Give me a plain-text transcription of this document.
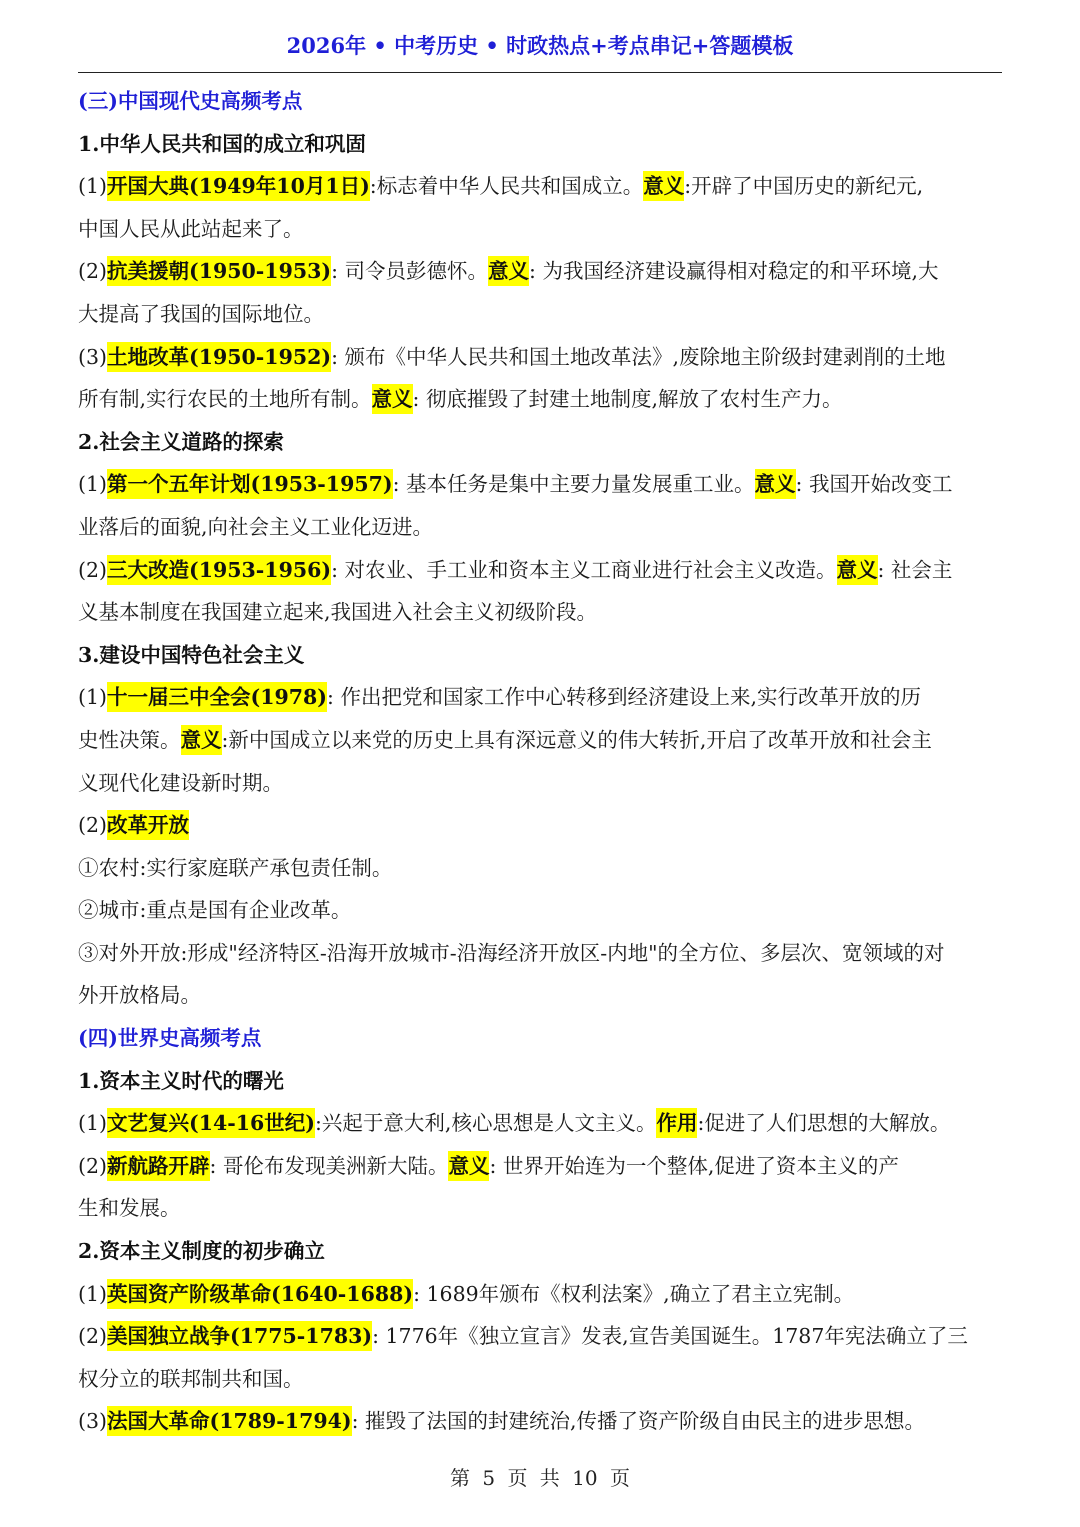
2026年 • 中考历史 • 时政热点+考点串记+答题模板
(三)中国现代史高频考点
1.中华人民共和国的成立和巩固
(1)开国大典(1949年10月1日):标志着中华人民共和国成立。意义:开辟了中国历史的新纪元,
中国人民从此站起来了。
(2)抗美援朝(1950-1953): 司令员彭德怀。意义: 为我国经济建设赢得相对稳定的和平环境,大
大提高了我国的国际地位。
(3)土地改革(1950-1952): 颁布《中华人民共和国土地改革法》,废除地主阶级封建剥削的土地
所有制,实行农民的土地所有制。意义: 彻底摧毁了封建土地制度,解放了农村生产力。
2.社会主义道路的探索
(1)第一个五年计划(1953-1957): 基本任务是集中主要力量发展重工业。意义: 我国开始改变工
业落后的面貌,向社会主义工业化迈进。
(2)三大改造(1953-1956): 对农业、手工业和资本主义工商业进行社会主义改造。意义: 社会主
义基本制度在我国建立起来,我国进入社会主义初级阶段。
3.建设中国特色社会主义
(1)十一届三中全会(1978): 作出把党和国家工作中心转移到经济建设上来,实行改革开放的历
史性决策。意义:新中国成立以来党的历史上具有深远意义的伟大转折,开启了改革开放和社会主
义现代化建设新时期。
(2)改革开放
①农村:实行家庭联产承包责任制。
②城市:重点是国有企业改革。
③对外开放:形成"经济特区-沿海开放城市-沿海经济开放区-内地"的全方位、多层次、宽领域的对
外开放格局。
(四)世界史高频考点
1.资本主义时代的曙光
(1)文艺复兴(14-16世纪):兴起于意大利,核心思想是人文主义。作用:促进了人们思想的大解放。
(2)新航路开辟: 哥伦布发现美洲新大陆。意义: 世界开始连为一个整体,促进了资本主义的产
生和发展。
2.资本主义制度的初步确立
(1)英国资产阶级革命(1640-1688): 1689年颁布《权利法案》,确立了君主立宪制。
(2)美国独立战争(1775-1783): 1776年《独立宣言》发表,宣告美国诞生。1787年宪法确立了三
权分立的联邦制共和国。
(3)法国大革命(1789-1794): 摧毁了法国的封建统治,传播了资产阶级自由民主的进步思想。
第 5 页 共 10 页
